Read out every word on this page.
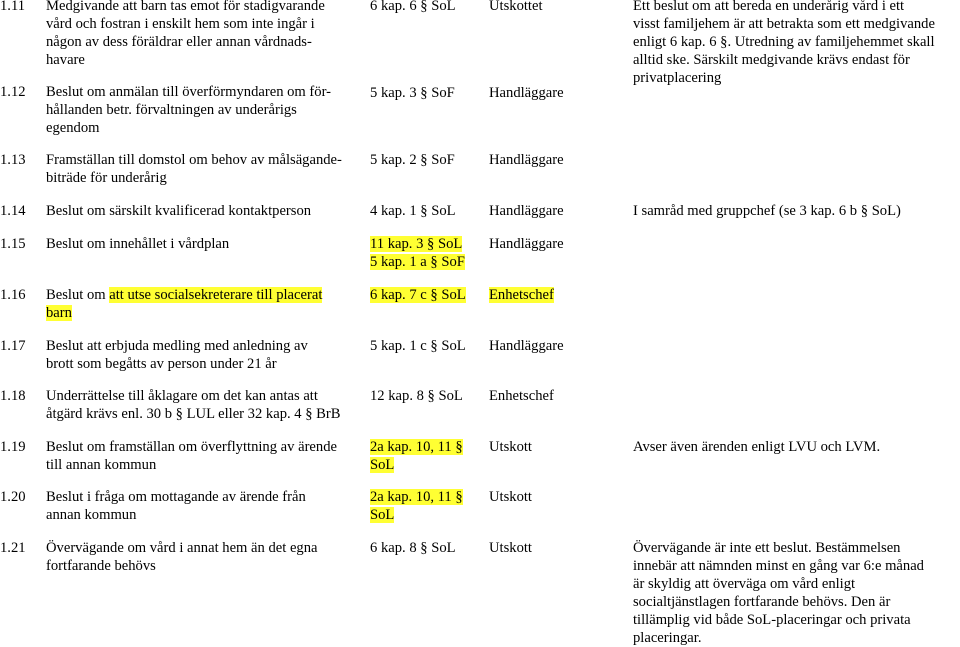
1.11	Medgivande att barn tas emot för stadigvarande
vård och fostran i enskilt hem som inte ingår i
någon av dess föräldrar eller annan vårdnads-
havare
6 kap. 6 § SoL	Utskottet	Ett beslut om att bereda en underårig vård i ett
visst familjehem är att betrakta som ett medgivande
enligt 6 kap. 6 §. Utredning av familjehemmet skall
alltid ske. Särskilt medgivande krävs endast för
privatplacering
1.12	Beslut om anmälan till överförmyndaren om för-
hållanden betr. förvaltningen av underårigs
egendom
5 kap. 3 § SoF	Handläggare
1.13	Framställan till domstol om behov av målsägande-
biträde för underårig
5 kap. 2 § SoF	Handläggare
1.14	Beslut om särskilt kvalificerad kontaktperson	4 kap. 1 § SoL	Handläggare	I samråd med gruppchef (se 3 kap. 6 b § SoL)
1.15	Beslut om innehållet i vårdplan	11 kap. 3 § SoL
5 kap. 1 a § SoF
Handläggare
1.16	Beslut om att utse socialsekreterare till placerat
barn
6 kap. 7 c § SoL	Enhetschef
1.17	Beslut att erbjuda medling med anledning av
brott som begåtts av person under 21 år
5 kap. 1 c § SoL	Handläggare
1.18	Underrättelse till åklagare om det kan antas att
åtgärd krävs enl. 30 b § LUL eller 32 kap. 4 § BrB
12 kap. 8 § SoL	Enhetschef
1.19	Beslut om framställan om överflyttning av ärende
till annan kommun
2a kap. 10, 11 §
SoL
Utskott	Avser även ärenden enligt LVU och LVM.
1.20	Beslut i fråga om mottagande av ärende från
annan kommun
2a kap. 10, 11 §
SoL
Utskott
1.21	Övervägande om vård i annat hem än det egna
fortfarande behövs
6 kap. 8 § SoL	Utskott	Övervägande är inte ett beslut. Bestämmelsen
innebär att nämnden minst en gång var 6:e månad
är skyldig att överväga om vård enligt
socialtjänstlagen fortfarande behövs. Den är
tillämplig vid både SoL-placeringar och privata
placeringar.
